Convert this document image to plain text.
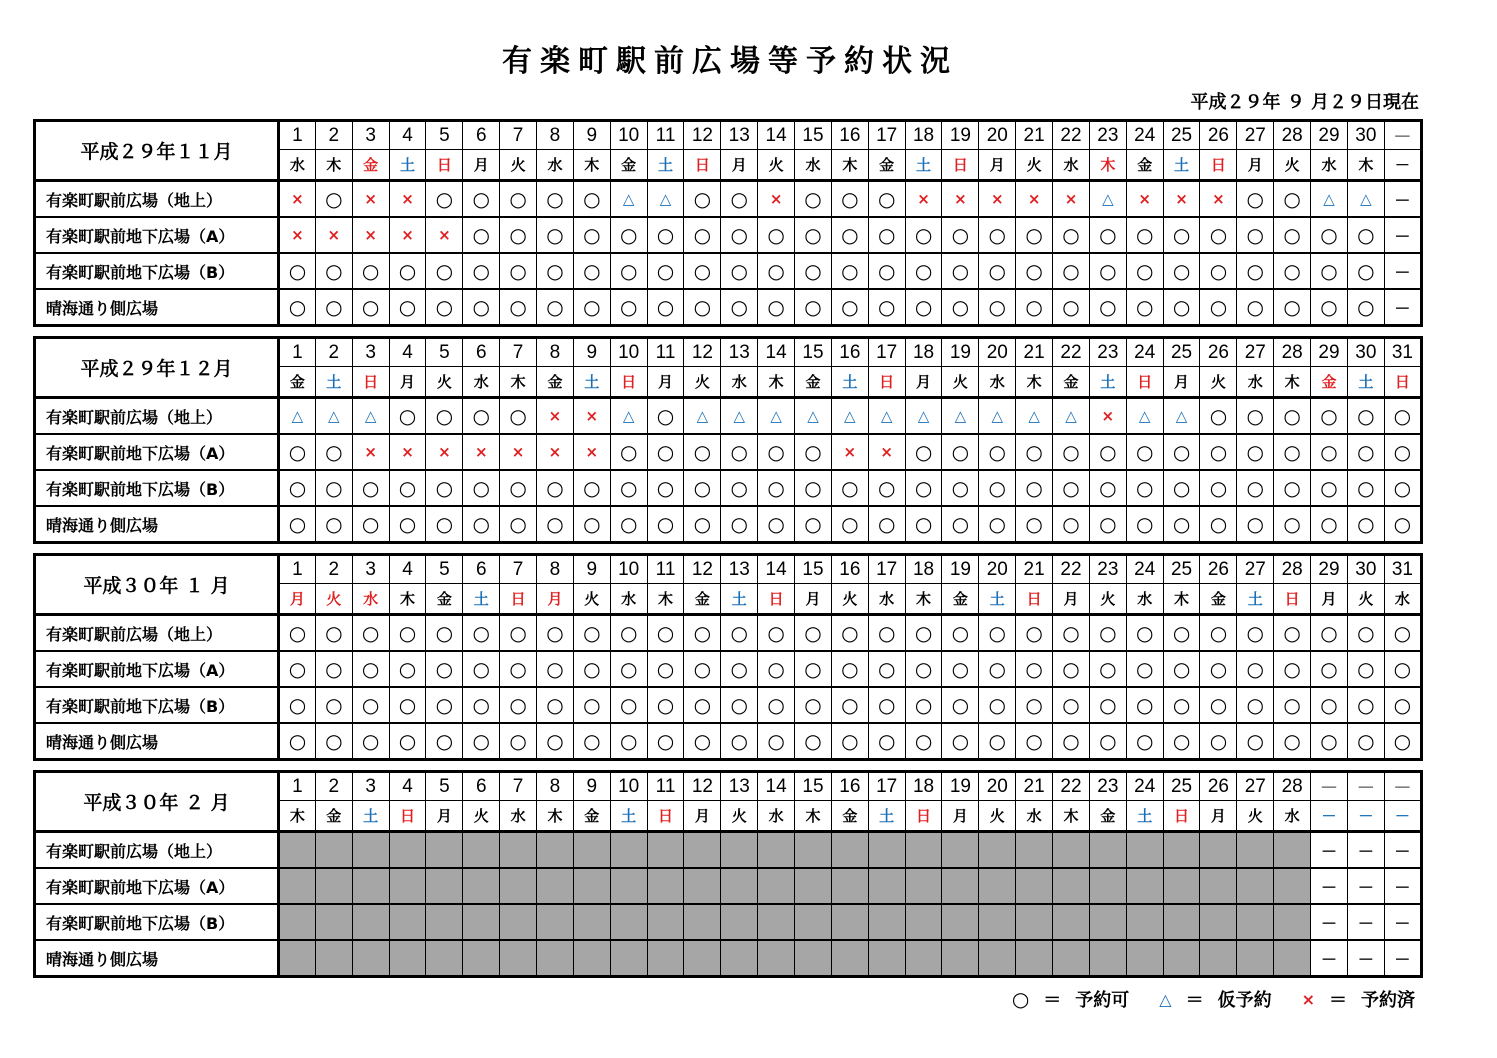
有楽町駅前広場等予約状況
平成２９年 ９ 月２９日現在
平成２９年１１月	1	2	3	4	5	6	7	8	9	10	11	12	13	14	15	16	17	18	19	20	21	22	23	24	25	26	27	28	29	30	－
	水	木	金	土	日	月	火	水	木	金	土	日	月	火	水	木	金	土	日	月	火	水	木	金	土	日	月	火	水	木	－
有楽町駅前広場（地上）	×	○	×	×	○	○	○	○	○	△	△	○	○	×	○	○	○	×	×	×	×	×	△	×	×	×	○	○	△	△	－
有楽町駅前地下広場（A）	×	×	×	×	×	○	○	○	○	○	○	○	○	○	○	○	○	○	○	○	○	○	○	○	○	○	○	○	○	○	－
有楽町駅前地下広場（B）	○	○	○	○	○	○	○	○	○	○	○	○	○	○	○	○	○	○	○	○	○	○	○	○	○	○	○	○	○	○	－
晴海通り側広場	○	○	○	○	○	○	○	○	○	○	○	○	○	○	○	○	○	○	○	○	○	○	○	○	○	○	○	○	○	○	－
平成２９年１２月	1	2	3	4	5	6	7	8	9	10	11	12	13	14	15	16	17	18	19	20	21	22	23	24	25	26	27	28	29	30	31
	金	土	日	月	火	水	木	金	土	日	月	火	水	木	金	土	日	月	火	水	木	金	土	日	月	火	水	木	金	土	日
有楽町駅前広場（地上）	△	△	△	○	○	○	○	×	×	△	○	△	△	△	△	△	△	△	△	△	△	△	×	△	△	○	○	○	○	○	○
有楽町駅前地下広場（A）	○	○	×	×	×	×	×	×	×	○	○	○	○	○	○	×	×	○	○	○	○	○	○	○	○	○	○	○	○	○	○
有楽町駅前地下広場（B）	○	○	○	○	○	○	○	○	○	○	○	○	○	○	○	○	○	○	○	○	○	○	○	○	○	○	○	○	○	○	○
晴海通り側広場	○	○	○	○	○	○	○	○	○	○	○	○	○	○	○	○	○	○	○	○	○	○	○	○	○	○	○	○	○	○	○
平成３０年 １ 月	1	2	3	4	5	6	7	8	9	10	11	12	13	14	15	16	17	18	19	20	21	22	23	24	25	26	27	28	29	30	31
	月	火	水	木	金	土	日	月	火	水	木	金	土	日	月	火	水	木	金	土	日	月	火	水	木	金	土	日	月	火	水
有楽町駅前広場（地上）	○	○	○	○	○	○	○	○	○	○	○	○	○	○	○	○	○	○	○	○	○	○	○	○	○	○	○	○	○	○	○
有楽町駅前地下広場（A）	○	○	○	○	○	○	○	○	○	○	○	○	○	○	○	○	○	○	○	○	○	○	○	○	○	○	○	○	○	○	○
有楽町駅前地下広場（B）	○	○	○	○	○	○	○	○	○	○	○	○	○	○	○	○	○	○	○	○	○	○	○	○	○	○	○	○	○	○	○
晴海通り側広場	○	○	○	○	○	○	○	○	○	○	○	○	○	○	○	○	○	○	○	○	○	○	○	○	○	○	○	○	○	○	○
平成３０年 ２ 月	1	2	3	4	5	6	7	8	9	10	11	12	13	14	15	16	17	18	19	20	21	22	23	24	25	26	27	28	－	－	－
	木	金	土	日	月	火	水	木	金	土	日	月	火	水	木	金	土	日	月	火	水	木	金	土	日	月	火	水	－	－	－
有楽町駅前広場（地上）																													－	－	－
有楽町駅前地下広場（A）																													－	－	－
有楽町駅前地下広場（B）																													－	－	－
晴海通り側広場																													－	－	－
○ ＝ 予約可 △ ＝ 仮予約 × ＝ 予約済
